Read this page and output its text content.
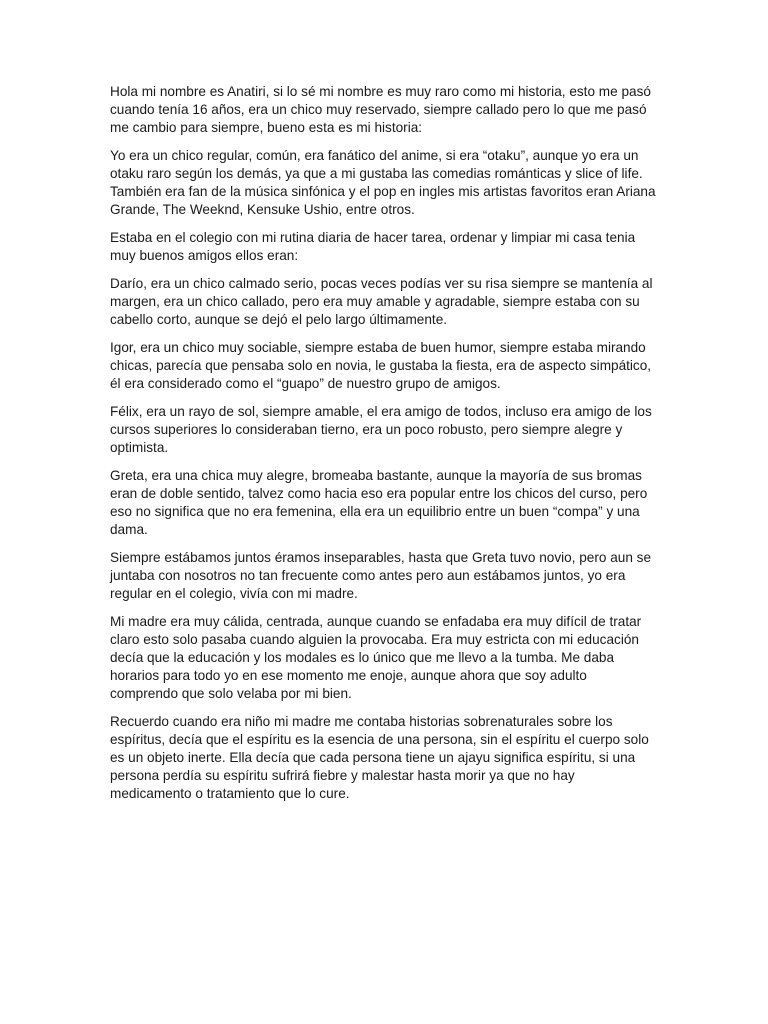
Hola mi nombre es Anatiri, si lo sé mi nombre es muy raro como mi historia, esto me pasó cuando tenía 16 años, era un chico muy reservado, siempre callado pero lo que me pasó me cambio para siempre, bueno esta es mi historia:

Yo era un chico regular, común, era fanático del anime, si era “otaku”, aunque yo era un otaku raro según los demás, ya que a mi gustaba las comedias románticas y slice of life. También era fan de la música sinfónica y el pop en ingles mis artistas favoritos eran Ariana Grande, The Weeknd, Kensuke Ushio, entre otros.

Estaba en el colegio con mi rutina diaria de hacer tarea, ordenar y limpiar mi casa tenia muy buenos amigos ellos eran:

Darío, era un chico calmado serio, pocas veces podías ver su risa siempre se mantenía al margen, era un chico callado, pero era muy amable y agradable, siempre estaba con su cabello corto, aunque se dejó el pelo largo últimamente.

Igor, era un chico muy sociable, siempre estaba de buen humor, siempre estaba mirando chicas, parecía que pensaba solo en novia, le gustaba la fiesta, era de aspecto simpático, él era considerado como el “guapo” de nuestro grupo de amigos.

Félix, era un rayo de sol, siempre amable, el era amigo de todos, incluso era amigo de los cursos superiores lo consideraban tierno, era un poco robusto, pero siempre alegre y optimista.

Greta, era una chica muy alegre, bromeaba bastante, aunque la mayoría de sus bromas eran de doble sentido, talvez como hacia eso era popular entre los chicos del curso, pero eso no significa que no era femenina, ella era un equilibrio entre un buen “compa” y una dama.

Siempre estábamos juntos éramos inseparables, hasta que Greta tuvo novio, pero aun se juntaba con nosotros no tan frecuente como antes pero aun estábamos juntos, yo era regular en el colegio, vivía con mi madre.

Mi madre era muy cálida, centrada, aunque cuando se enfadaba era muy difícil de tratar claro esto solo pasaba cuando alguien la provocaba. Era muy estricta con mi educación decía que la educación y los modales es lo único que me llevo a la tumba. Me daba horarios para todo yo en ese momento me enoje, aunque ahora que soy adulto comprendo que solo velaba por mi bien.

Recuerdo cuando era niño mi madre me contaba historias sobrenaturales sobre los espíritus, decía que el espíritu es la esencia de una persona, sin el espíritu el cuerpo solo es un objeto inerte. Ella decía que cada persona tiene un ajayu significa espíritu, si una persona perdía su espíritu sufrirá fiebre y malestar hasta morir ya que no hay medicamento o tratamiento que lo cure.
